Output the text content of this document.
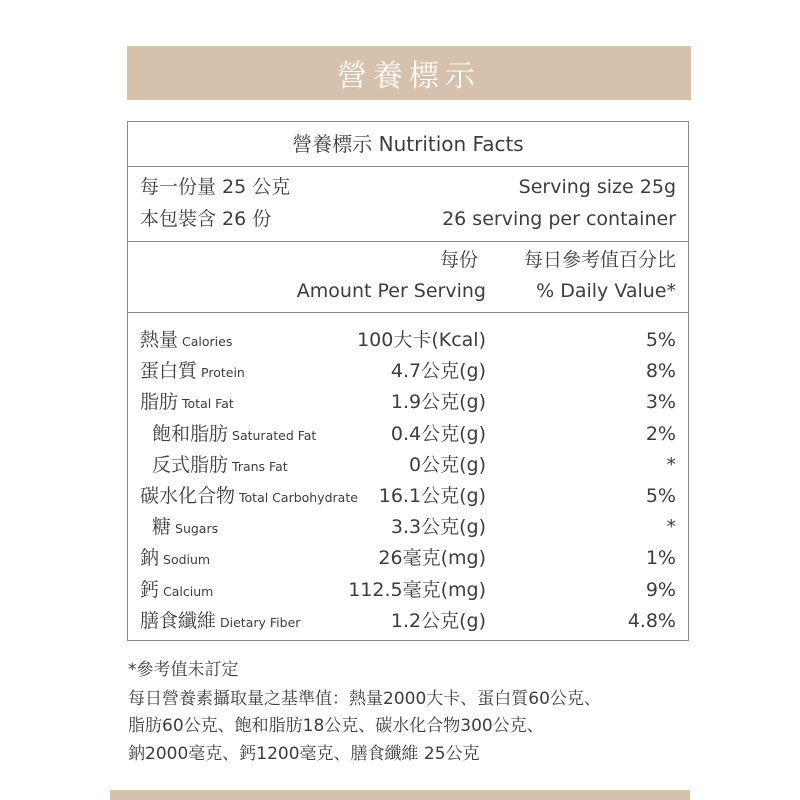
營養標示
營養標示 Nutrition Facts
每一份量 25 公克	Serving size 25g
本包裝含 26 份	26 serving per container
每份 每日參考值百分比
Amount Per Serving	% Daily Value*
熱量 Calories	100大卡(Kcal)	5%
蛋白質 Protein	4.7公克(g)	8%
脂肪 Total Fat	1.9公克(g)	3%
飽和脂肪 Saturated Fat	0.4公克(g)	2%
反式脂肪 Trans Fat	0公克(g)	*
碳水化合物 Total Carbohydrate 16.1公克(g)	5%
糖 Sugars	3.3公克(g)	*
鈉 Sodium	26毫克(mg)	1%
鈣 Calcium	112.5毫克(mg)	9%
膳食纖維 Dietary Fiber	1.2公克(g)	4.8%
*參考值未訂定
每日營養素攝取量之基準值：熱量2000大卡、蛋白質60公克、
脂肪60公克、飽和脂肪18公克、碳水化合物300公克、
鈉2000毫克、鈣1200毫克、膳食纖維 25公克
